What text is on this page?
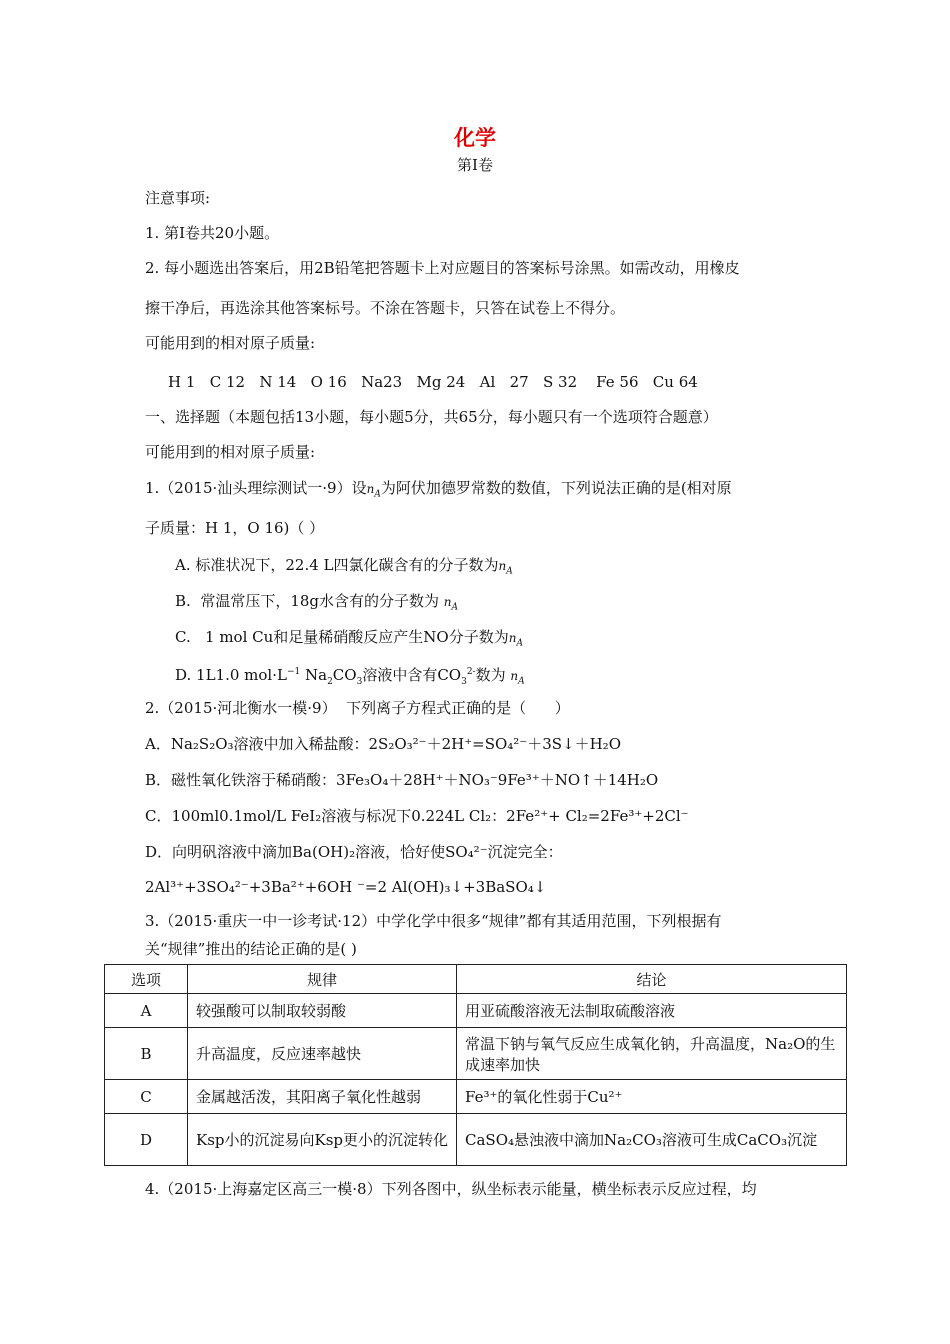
化学
第Ⅰ卷
注意事项:
1. 第Ⅰ卷共20小题。
2. 每小题选出答案后，用2B铅笔把答题卡上对应题目的答案标号涂黑。如需改动，用橡皮
擦干净后，再选涂其他答案标号。不涂在答题卡，只答在试卷上不得分。
可能用到的相对原子质量:
H 1   C 12   N 14   O 16   Na23   Mg 24   Al   27   S 32    Fe 56   Cu 64
一、选择题（本题包括13小题，每小题5分，共65分，每小题只有一个选项符合题意）
可能用到的相对原子质量:
1.（2015·汕头理综测试一·9）设$n_A$为阿伏加德罗常数的数值，下列说法正确的是(相对原
子质量：H 1，O 16)（ ）
A. 标准状况下，22.4 L四氯化碳含有的分子数为$n_A$
B.  常温常压下，18g水含有的分子数为 $n_A$
C.   1 mol Cu和足量稀硝酸反应产生NO分子数为$n_A$
D. 1L1.0 $mol\cdot L^{-1}$ $Na_2CO_3$溶液中含有$CO_3^{2-}$数为 $n_A$
2.（2015·河北衡水一模·9）  下列离子方程式正确的是（      ）
A．Na₂S₂O₃溶液中加入稀盐酸：2S₂O₃²⁻＋2H⁺=SO₄²⁻＋3S↓＋H₂O
B．磁性氧化铁溶于稀硝酸：3Fe₃O₄＋28H⁺＋NO₃⁻9Fe³⁺＋NO↑＋14H₂O
C．100ml0.1mol/L FeI₂溶液与标况下0.224L Cl₂：2Fe²⁺+ Cl₂=2Fe³⁺+2Cl⁻
D．向明矾溶液中滴加Ba(OH)₂溶液，恰好使SO₄²⁻沉淀完全：
2Al³⁺+3SO₄²⁻+3Ba²⁺+6OH ⁻=2 Al(OH)₃↓+3BaSO₄↓
3.（2015·重庆一中一诊考试·12）中学化学中很多“规律”都有其适用范围，下列根据有
关“规律”推出的结论正确的是( )
选项	规律	结论
A	较强酸可以制取较弱酸	用亚硫酸溶液无法制取硫酸溶液
B	升高温度，反应速率越快	常温下钠与氧气反应生成氧化钠，升高温度，Na₂O的生成速率加快
C	金属越活泼，其阳离子氧化性越弱	Fe³⁺的氧化性弱于Cu²⁺
D	Ksp小的沉淀易向Ksp更小的沉淀转化	CaSO₄悬浊液中滴加Na₂CO₃溶液可生成CaCO₃沉淀
4.（2015·上海嘉定区高三一模·8）下列各图中，纵坐标表示能量，横坐标表示反应过程，均
